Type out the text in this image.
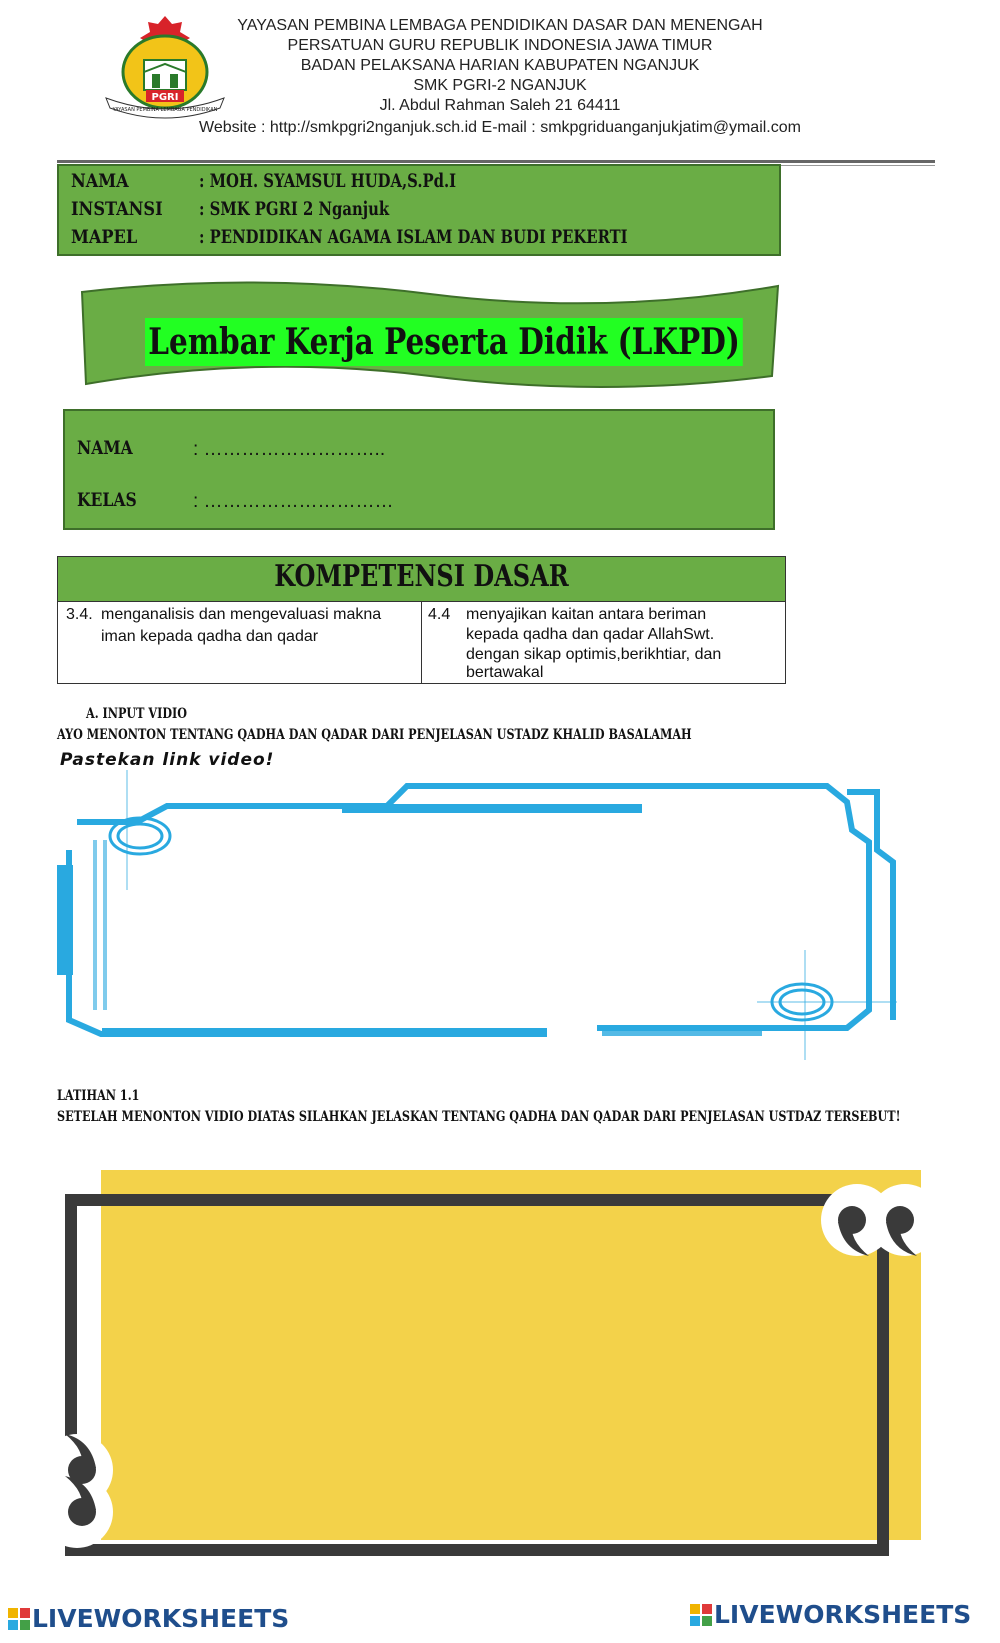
PGRI
YAYASAN PEMBINA LEMBAGA PENDIDIKAN
YAYASAN PEMBINA LEMBAGA PENDIDIKAN DASAR DAN MENENGAH
PERSATUAN GURU REPUBLIK INDONESIA JAWA TIMUR
BADAN PELAKSANA HARIAN KABUPATEN NGANJUK
SMK PGRI-2 NGANJUK
Jl. Abdul Rahman Saleh 21 64411
Website : http://smkpgri2nganjuk.sch.id E-mail : smkpgriduanganjukjatim@ymail.com
NAMA	: MOH. SYAMSUL HUDA,S.Pd.I
INSTANSI	: SMK PGRI 2 Nganjuk
MAPEL	: PENDIDIKAN AGAMA ISLAM DAN BUDI PEKERTI
Lembar Kerja Peserta Didik (LKPD)
NAMA	: ………………………..
KELAS	: …………………………
KOMPETENSI DASAR
3.4. menganalisis dan mengevaluasi makna
iman kepada qadha dan qadar
4.4 menyajikan kaitan antara beriman
kepada qadha dan qadar AllahSwt.
dengan sikap optimis,berikhtiar, dan
bertawakal
A. INPUT VIDIO
AYO MENONTON TENTANG QADHA DAN QADAR DARI PENJELASAN USTADZ KHALID BASALAMAH
Pastekan link video!
LATIHAN 1.1
SETELAH MENONTON VIDIO DIATAS SILAHKAN JELASKAN TENTANG QADHA DAN QADAR DARI PENJELASAN USTDAZ TERSEBUT!
LIVEWORKSHEETS	LIVEWORKSHEETS
